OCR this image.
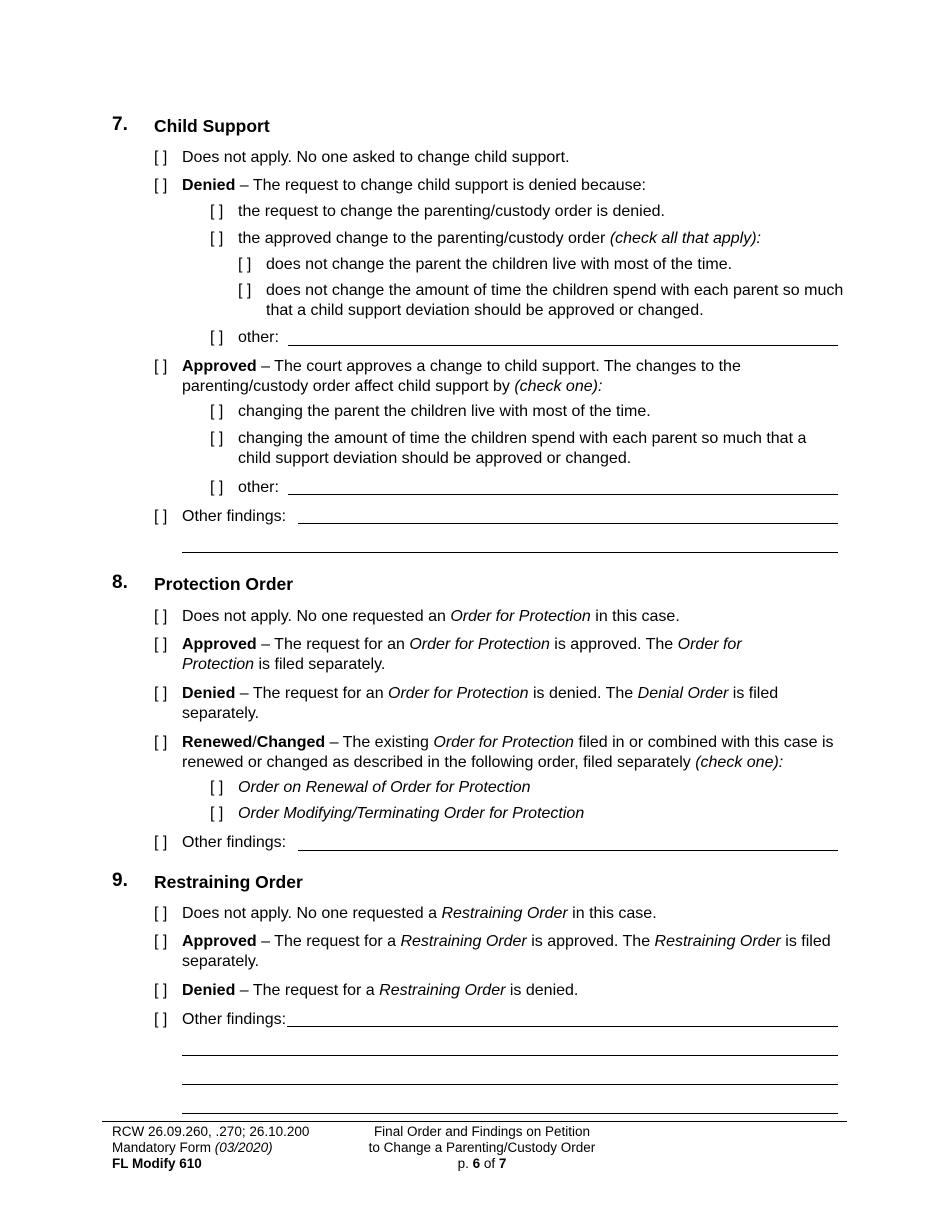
7. Child Support
[ ] Does not apply. No one asked to change child support.
[ ] Denied – The request to change child support is denied because:
[ ] the request to change the parenting/custody order is denied.
[ ] the approved change to the parenting/custody order (check all that apply):
[ ] does not change the parent the children live with most of the time.
[ ] does not change the amount of time the children spend with each parent so much that a child support deviation should be approved or changed.
[ ] other:
[ ] Approved – The court approves a change to child support. The changes to the parenting/custody order affect child support by (check one):
[ ] changing the parent the children live with most of the time.
[ ] changing the amount of time the children spend with each parent so much that a child support deviation should be approved or changed.
[ ] other:
[ ] Other findings:
8. Protection Order
[ ] Does not apply. No one requested an Order for Protection in this case.
[ ] Approved – The request for an Order for Protection is approved. The Order for Protection is filed separately.
[ ] Denied – The request for an Order for Protection is denied. The Denial Order is filed separately.
[ ] Renewed/Changed – The existing Order for Protection filed in or combined with this case is renewed or changed as described in the following order, filed separately (check one):
[ ] Order on Renewal of Order for Protection
[ ] Order Modifying/Terminating Order for Protection
[ ] Other findings:
9. Restraining Order
[ ] Does not apply. No one requested a Restraining Order in this case.
[ ] Approved – The request for a Restraining Order is approved. The Restraining Order is filed separately.
[ ] Denied – The request for a Restraining Order is denied.
[ ] Other findings:
RCW 26.09.260, .270; 26.10.200
Mandatory Form (03/2020)
FL Modify 610
Final Order and Findings on Petition
to Change a Parenting/Custody Order
p. 6 of 7
